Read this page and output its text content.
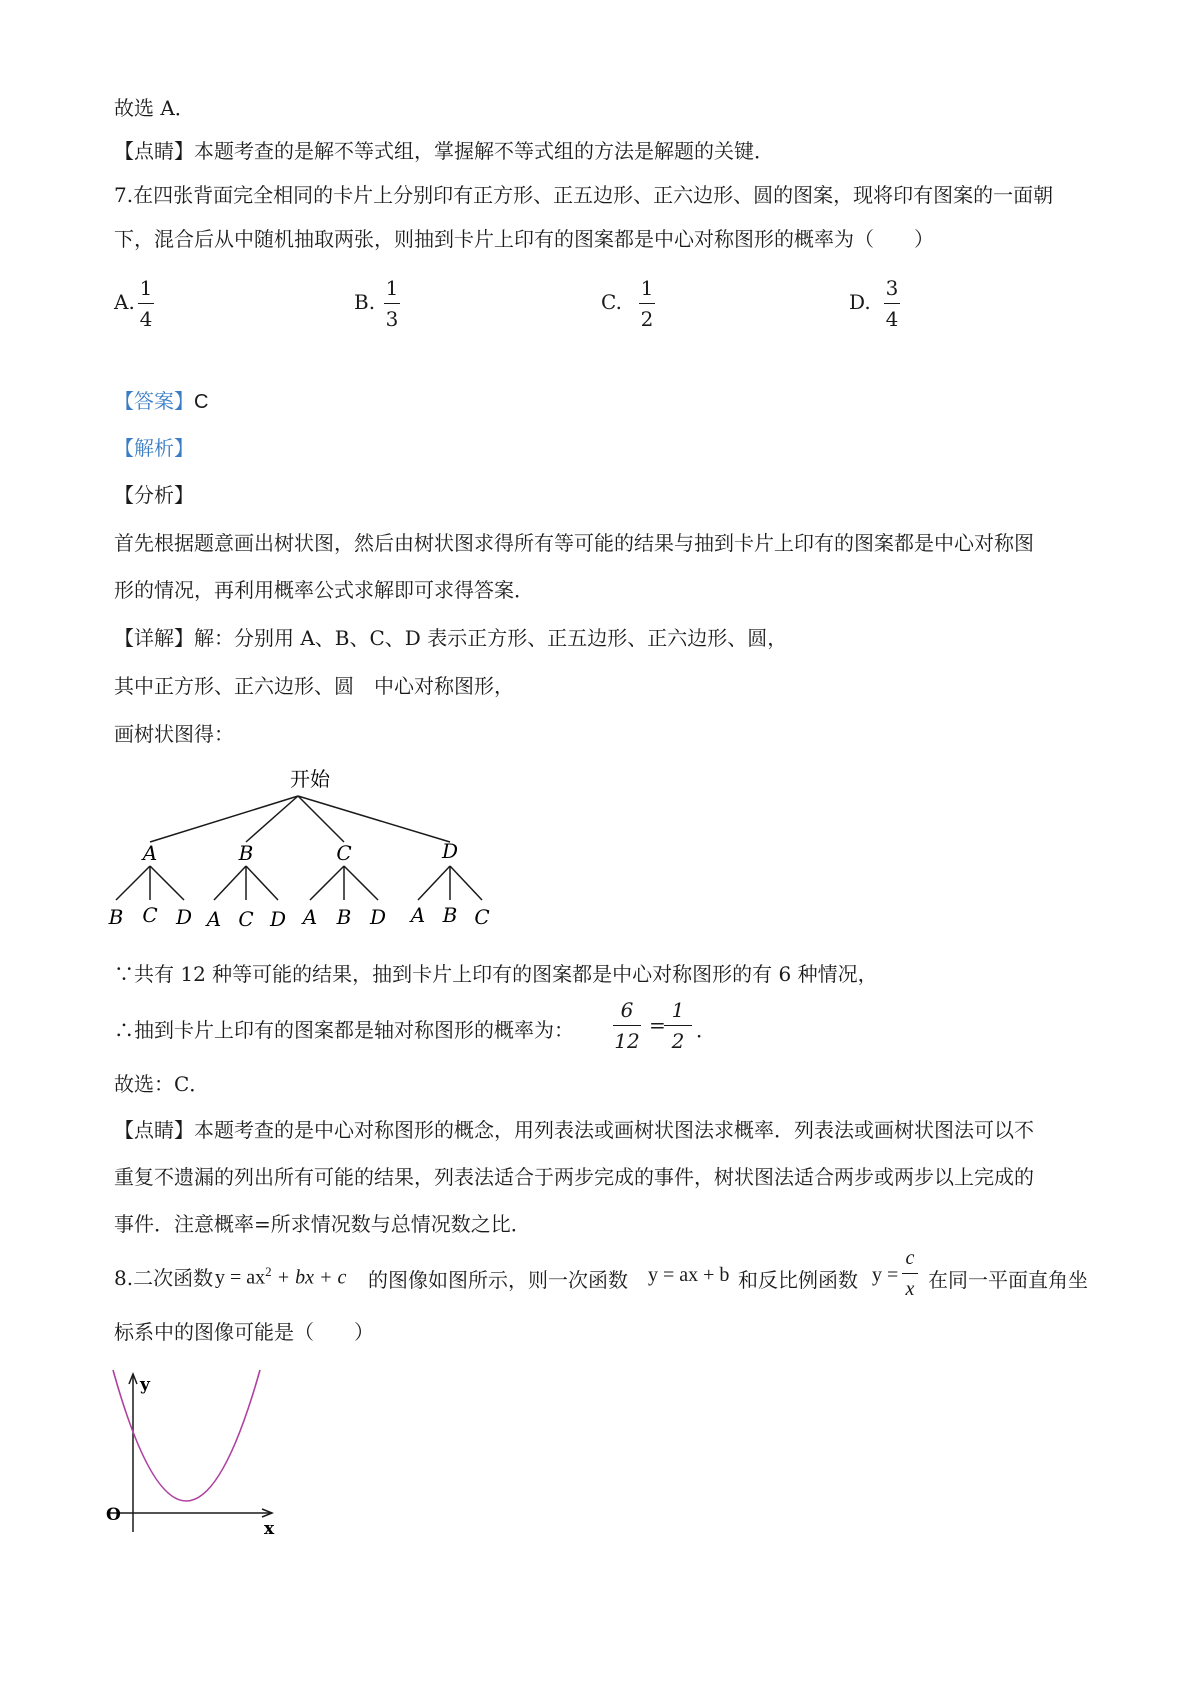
故选 A．
【点睛】本题考查的是解不等式组，掌握解不等式组的方法是解题的关键．
7.在四张背面完全相同的卡片上分别印有正方形、正五边形、正六边形、圆的图案，现将印有图案的一面朝
下，混合后从中随机抽取两张，则抽到卡片上印有的图案都是中心对称图形的概率为（　　）
A.
1
4
B.
1
3
C.
1
2
D.
3
4
【答案】C
【解析】
【分析】
首先根据题意画出树状图，然后由树状图求得所有等可能的结果与抽到卡片上印有的图案都是中心对称图
形的情况，再利用概率公式求解即可求得答案．
【详解】解：分别用 A、B、C、D 表示正方形、正五边形、正六边形、圆，
其中正方形、正六边形、圆　中心对称图形，
画树状图得：
开始
A	B	C	D
B C D A C D A B D A B C
∵共有 12 种等可能的结果，抽到卡片上印有的图案都是中心对称图形的有 6 种情况，
∴抽到卡片上印有的图案都是轴对称图形的概率为：
6
12
=
1
2 ．
故选：C．
【点睛】本题考查的是中心对称图形的概念，用列表法或画树状图法求概率．列表法或画树状图法可以不
重复不遗漏的列出所有可能的结果，列表法适合于两步完成的事件，树状图法适合两步或两步以上完成的
事件．注意概率=所求情况数与总情况数之比．
8.二次函数 $y = ax^2$ + bx + c 的图像如图所示，则一次函数 y = ax + b 和反比例函数 y =
c
x 在同一平面直角坐
标系中的图像可能是（　　）
y
x
O
